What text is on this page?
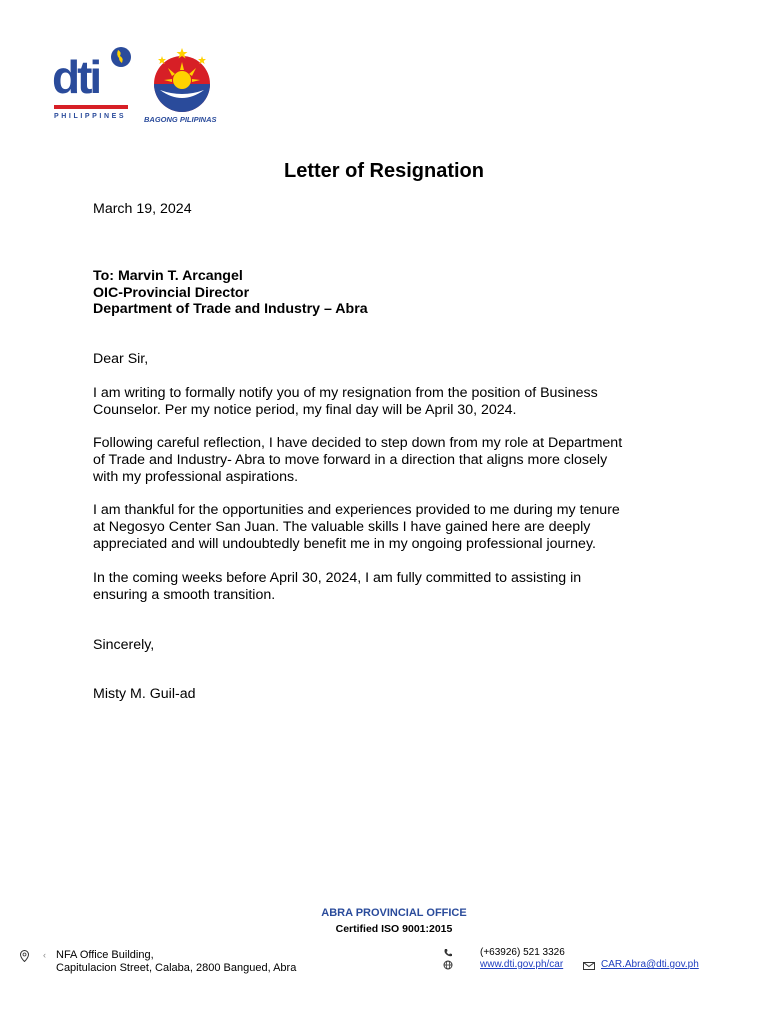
dti
PHILIPPINES BAGONG PILIPINAS
Letter of Resignation
March 19, 2024
To: Marvin T. Arcangel
OIC-Provincial Director
Department of Trade and Industry – Abra
Dear Sir,
I am writing to formally notify you of my resignation from the position of Business
Counselor. Per my notice period, my final day will be April 30, 2024.
Following careful reflection, I have decided to step down from my role at Department
of Trade and Industry- Abra to move forward in a direction that aligns more closely
with my professional aspirations.
I am thankful for the opportunities and experiences provided to me during my tenure
at Negosyo Center San Juan. The valuable skills I have gained here are deeply
appreciated and will undoubtedly benefit me in my ongoing professional journey.
In the coming weeks before April 30, 2024, I am fully committed to assisting in
ensuring a smooth transition.
Sincerely,
Misty M. Guil-ad
ABRA PROVINCIAL OFFICE
Certified ISO 9001:2015
‹ NFA Office Building,
Capitulacion Street, Calaba, 2800 Bangued, Abra
(+63926) 521 3326
www.dti.gov.ph/car	CAR.Abra@dti.gov.ph
